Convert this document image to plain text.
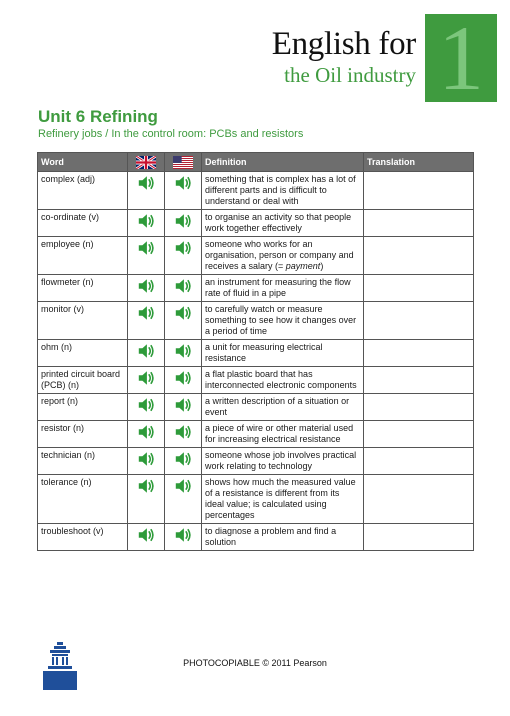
English for
the Oil industry 1
Unit 6 Refining
Refinery jobs / In the control room: PCBs and resistors
Word			Definition	Translation
complex (adj)			something that is complex has a lot of different parts and is difficult to understand or deal with	
co-ordinate (v)			to organise an activity so that people work together effectively	
employee (n)			someone who works for an organisation, person or company and receives a salary (= payment)	
flowmeter (n)			an instrument for measuring the flow rate of fluid in a pipe	
monitor (v)			to carefully watch or measure something to see how it changes over a period of time	
ohm (n)			a unit for measuring electrical resistance	
printed circuit board (PCB) (n)			a flat plastic board that has interconnected electronic components	
report (n)			a written description of a situation or event	
resistor (n)			a piece of wire or other material used for increasing electrical resistance	
technician (n)			someone whose job involves practical work relating to technology	
tolerance (n)			shows how much the measured value of a resistance is different from its ideal value; is calculated using percentages	
troubleshoot (v)			to diagnose a problem and find a solution	
PHOTOCOPIABLE © 2011 Pearson
